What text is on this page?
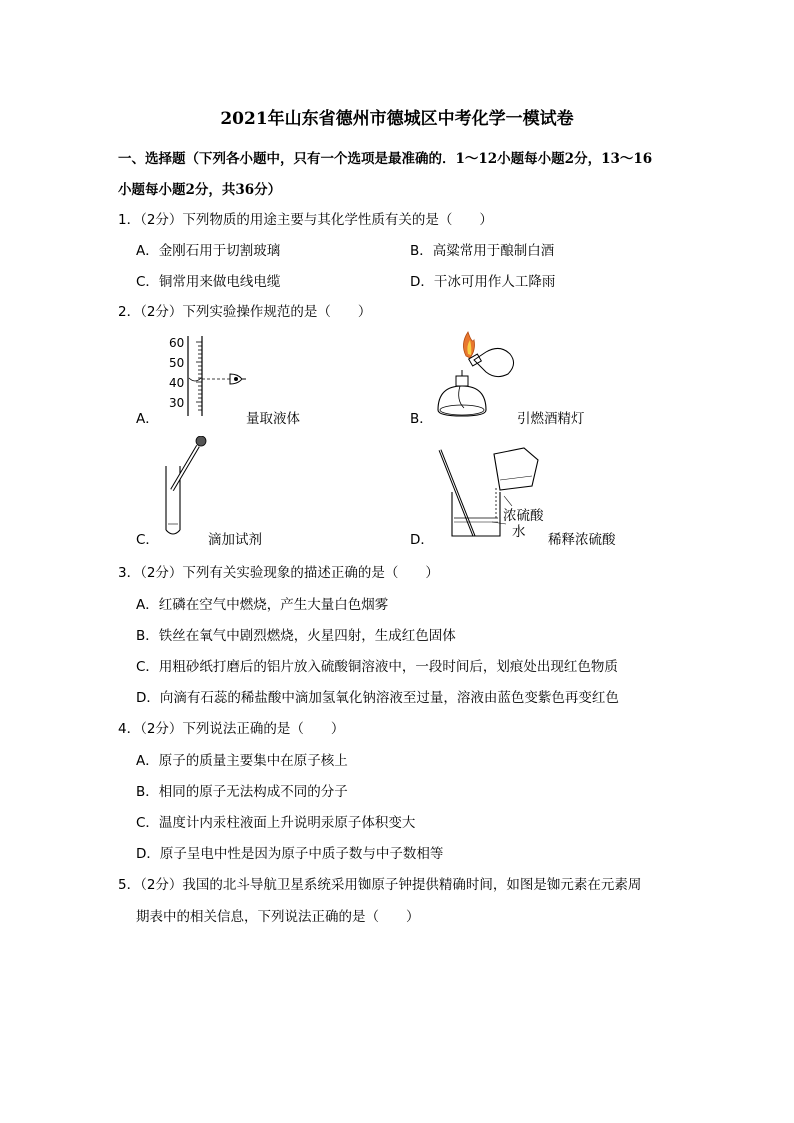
2021年山东省德州市德城区中考化学一模试卷
一、选择题（下列各小题中，只有一个选项是最准确的．1～12小题每小题2分，13～16
小题每小题2分，共36分）
1．（2分）下列物质的用途主要与其化学性质有关的是（　　）
A．金刚石用于切割玻璃	B．高粱常用于酿制白酒
C．铜常用来做电线电缆	D．干冰可用作人工降雨
2．（2分）下列实验操作规范的是（　　）
60
50
40
30
A．	量取液体	B．	引燃酒精灯
C．	滴加试剂
浓硫酸
水
D．	稀释浓硫酸
3．（2分）下列有关实验现象的描述正确的是（　　）
A．红磷在空气中燃烧，产生大量白色烟雾
B．铁丝在氧气中剧烈燃烧，火星四射，生成红色固体
C．用粗砂纸打磨后的铝片放入硫酸铜溶液中，一段时间后，划痕处出现红色物质
D．向滴有石蕊的稀盐酸中滴加氢氧化钠溶液至过量，溶液由蓝色变紫色再变红色
4．（2分）下列说法正确的是（　　）
A．原子的质量主要集中在原子核上
B．相同的原子无法构成不同的分子
C．温度计内汞柱液面上升说明汞原子体积变大
D．原子呈电中性是因为原子中质子数与中子数相等
5．（2分）我国的北斗导航卫星系统采用铷原子钟提供精确时间，如图是铷元素在元素周
期表中的相关信息，下列说法正确的是（　　）
